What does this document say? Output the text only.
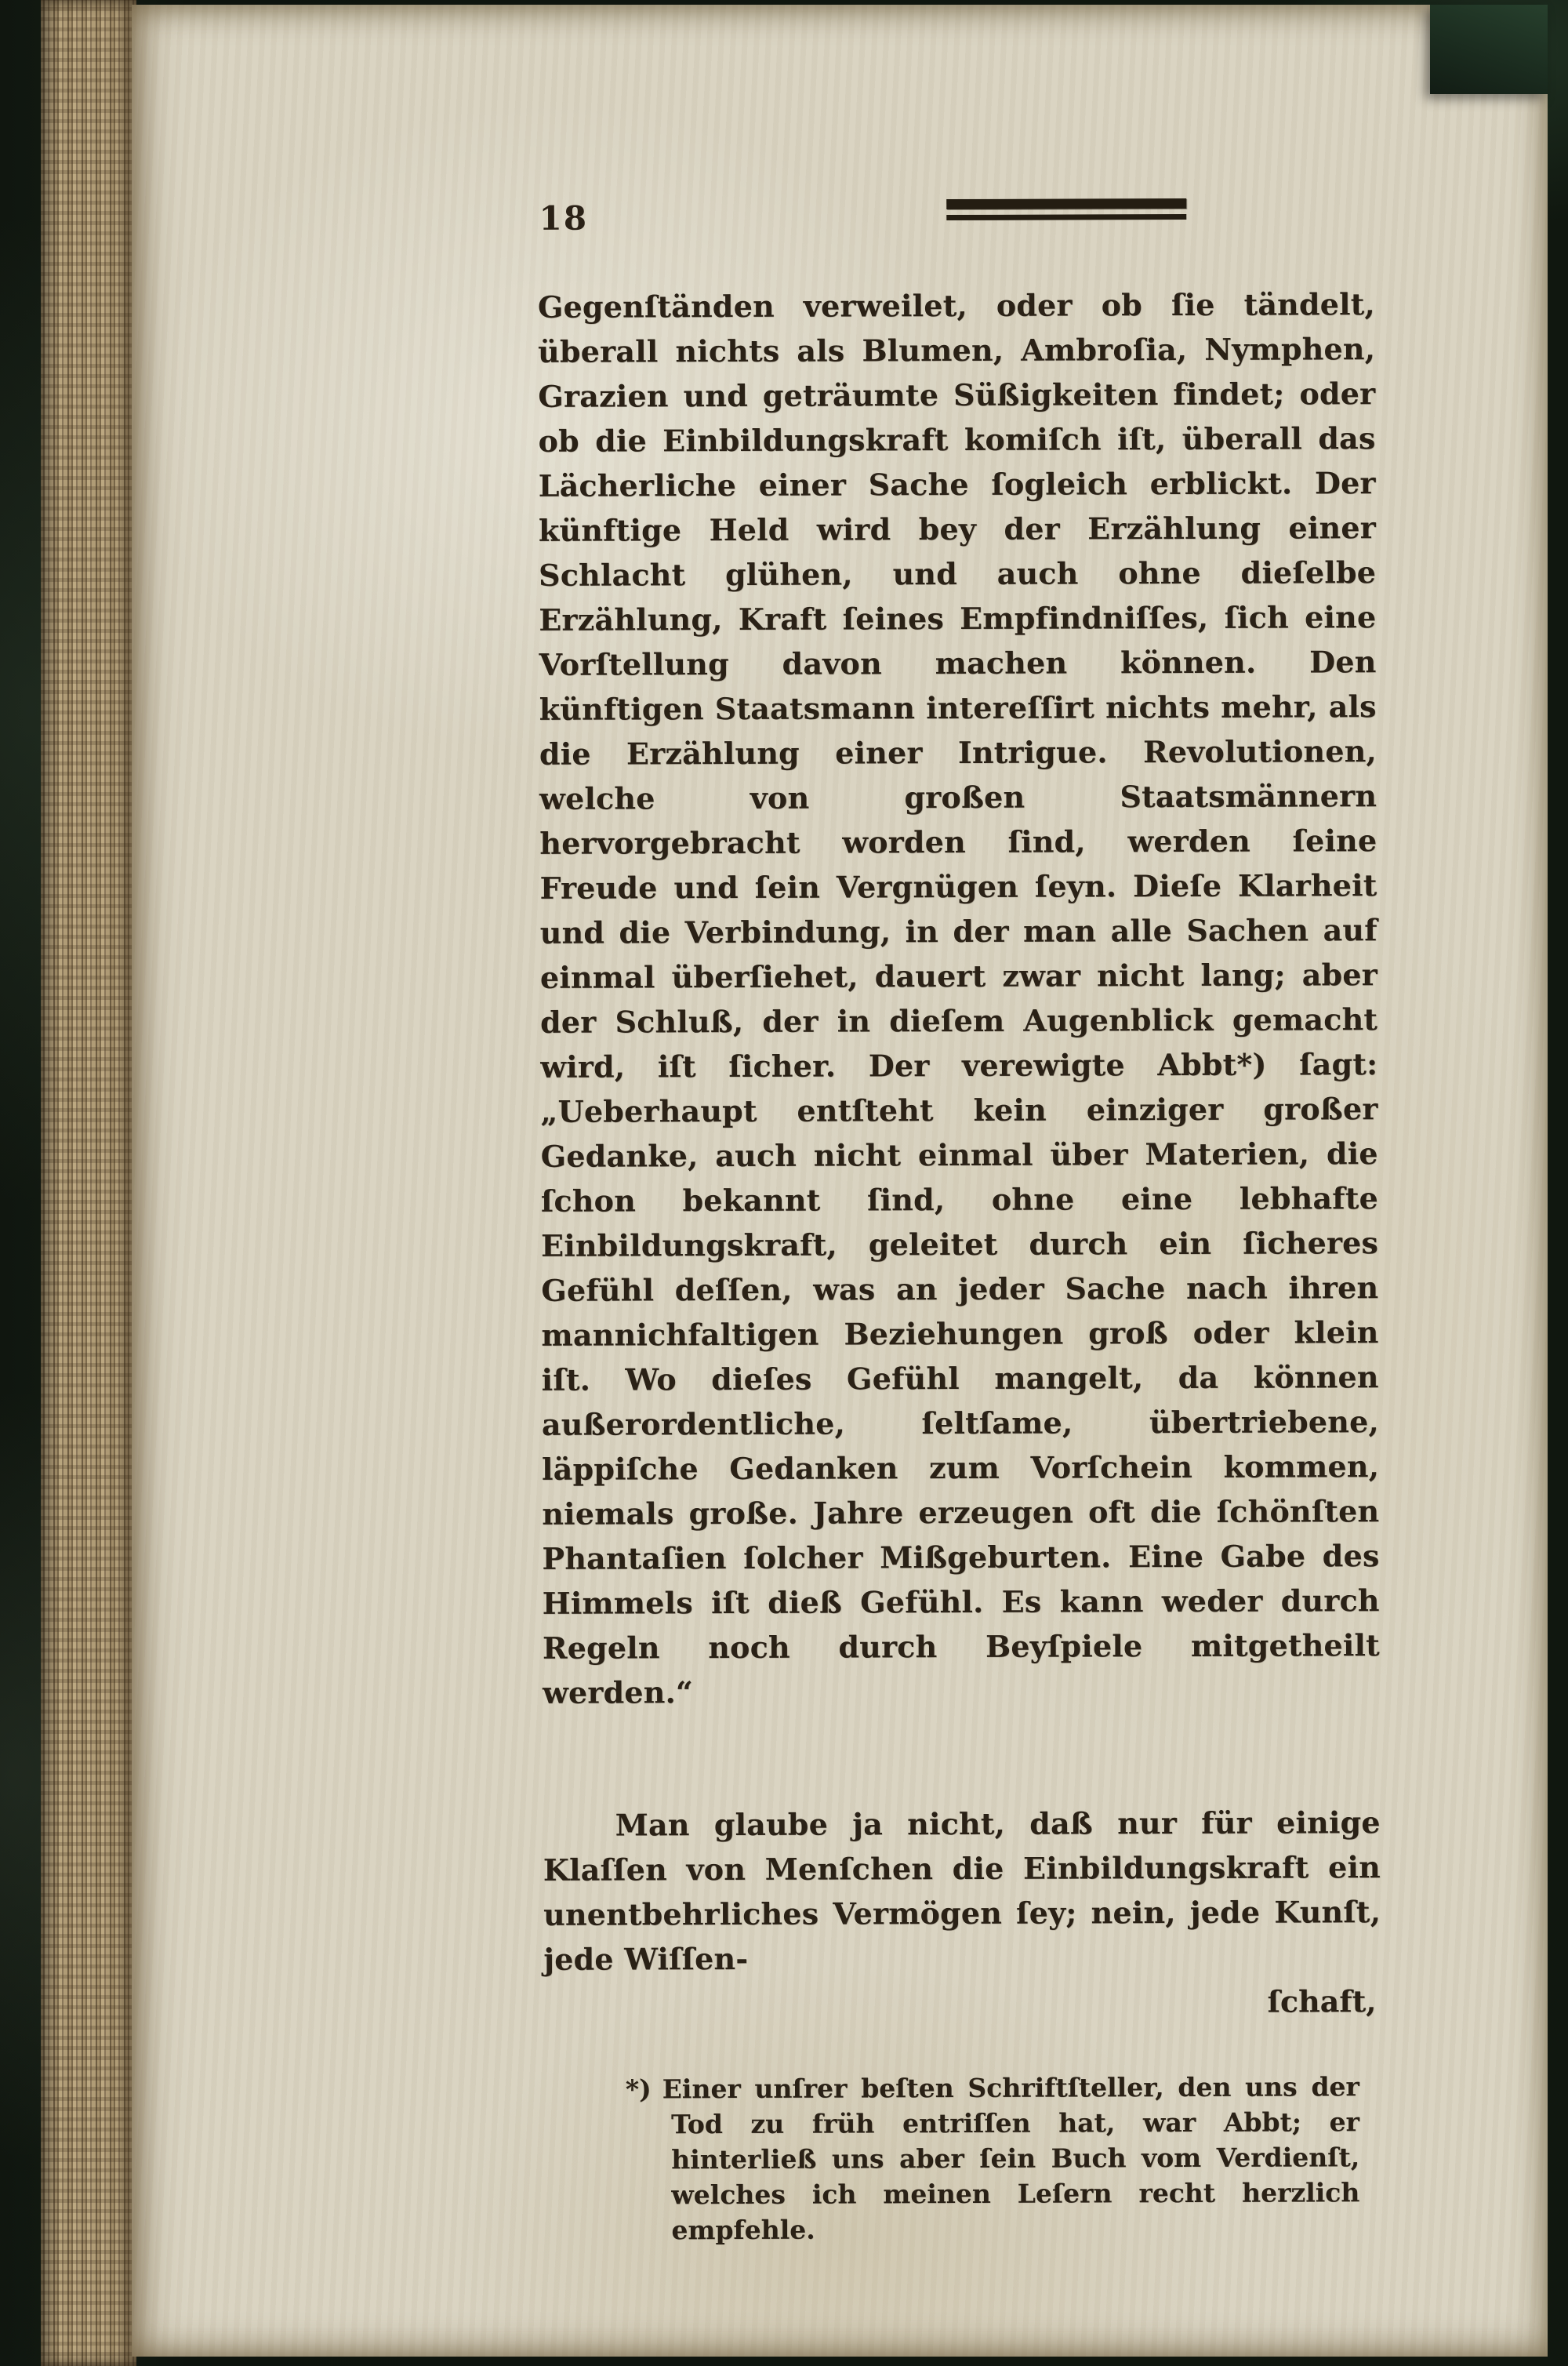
18
Gegenſtänden verweilet, oder ob ſie tändelt, überall nichts als Blumen, Ambroſia, Nymphen, Grazien und geträumte Süßigkeiten findet; oder ob die Einbildungskraft komiſch iſt, überall das Lächerliche einer Sache ſogleich erblickt. Der künftige Held wird bey der Erzählung einer Schlacht glühen, und auch ohne dieſelbe Erzählung, Kraft ſeines Empfindniſſes, ſich eine Vorſtellung davon machen können. Den künftigen Staatsmann intereſſirt nichts mehr, als die Erzählung einer Intrigue. Revolutionen, welche von großen Staatsmännern hervorgebracht worden ſind, werden ſeine Freude und ſein Vergnügen ſeyn. Dieſe Klarheit und die Verbindung, in der man alle Sachen auf einmal überſiehet, dauert zwar nicht lang; aber der Schluß, der in dieſem Augenblick gemacht wird, iſt ſicher. Der verewigte Abbt*) ſagt: „Ueberhaupt entſteht kein einziger großer Gedanke, auch nicht einmal über Materien, die ſchon bekannt ſind, ohne eine lebhafte Einbildungskraft, geleitet durch ein ſicheres Gefühl deſſen, was an jeder Sache nach ihren mannichfaltigen Beziehungen groß oder klein iſt. Wo dieſes Gefühl mangelt, da können außerordentliche, ſeltſame, übertriebene, läppiſche Gedanken zum Vorſchein kommen, niemals große. Jahre erzeugen oft die ſchönſten Phantaſien ſolcher Mißgeburten. Eine Gabe des Himmels iſt dieß Gefühl. Es kann weder durch Regeln noch durch Beyſpiele mitgetheilt werden.“
Man glaube ja nicht, daß nur für einige Klaſſen von Menſchen die Einbildungskraft ein unentbehrliches Vermögen ſey; nein, jede Kunſt, jede Wiſſen-
ſchaft,
*) Einer unſrer beſten Schriftſteller, den uns der Tod zu früh entriſſen hat, war Abbt; er hinterließ uns aber ſein Buch vom Verdienſt, welches ich meinen Leſern recht herzlich empfehle.
